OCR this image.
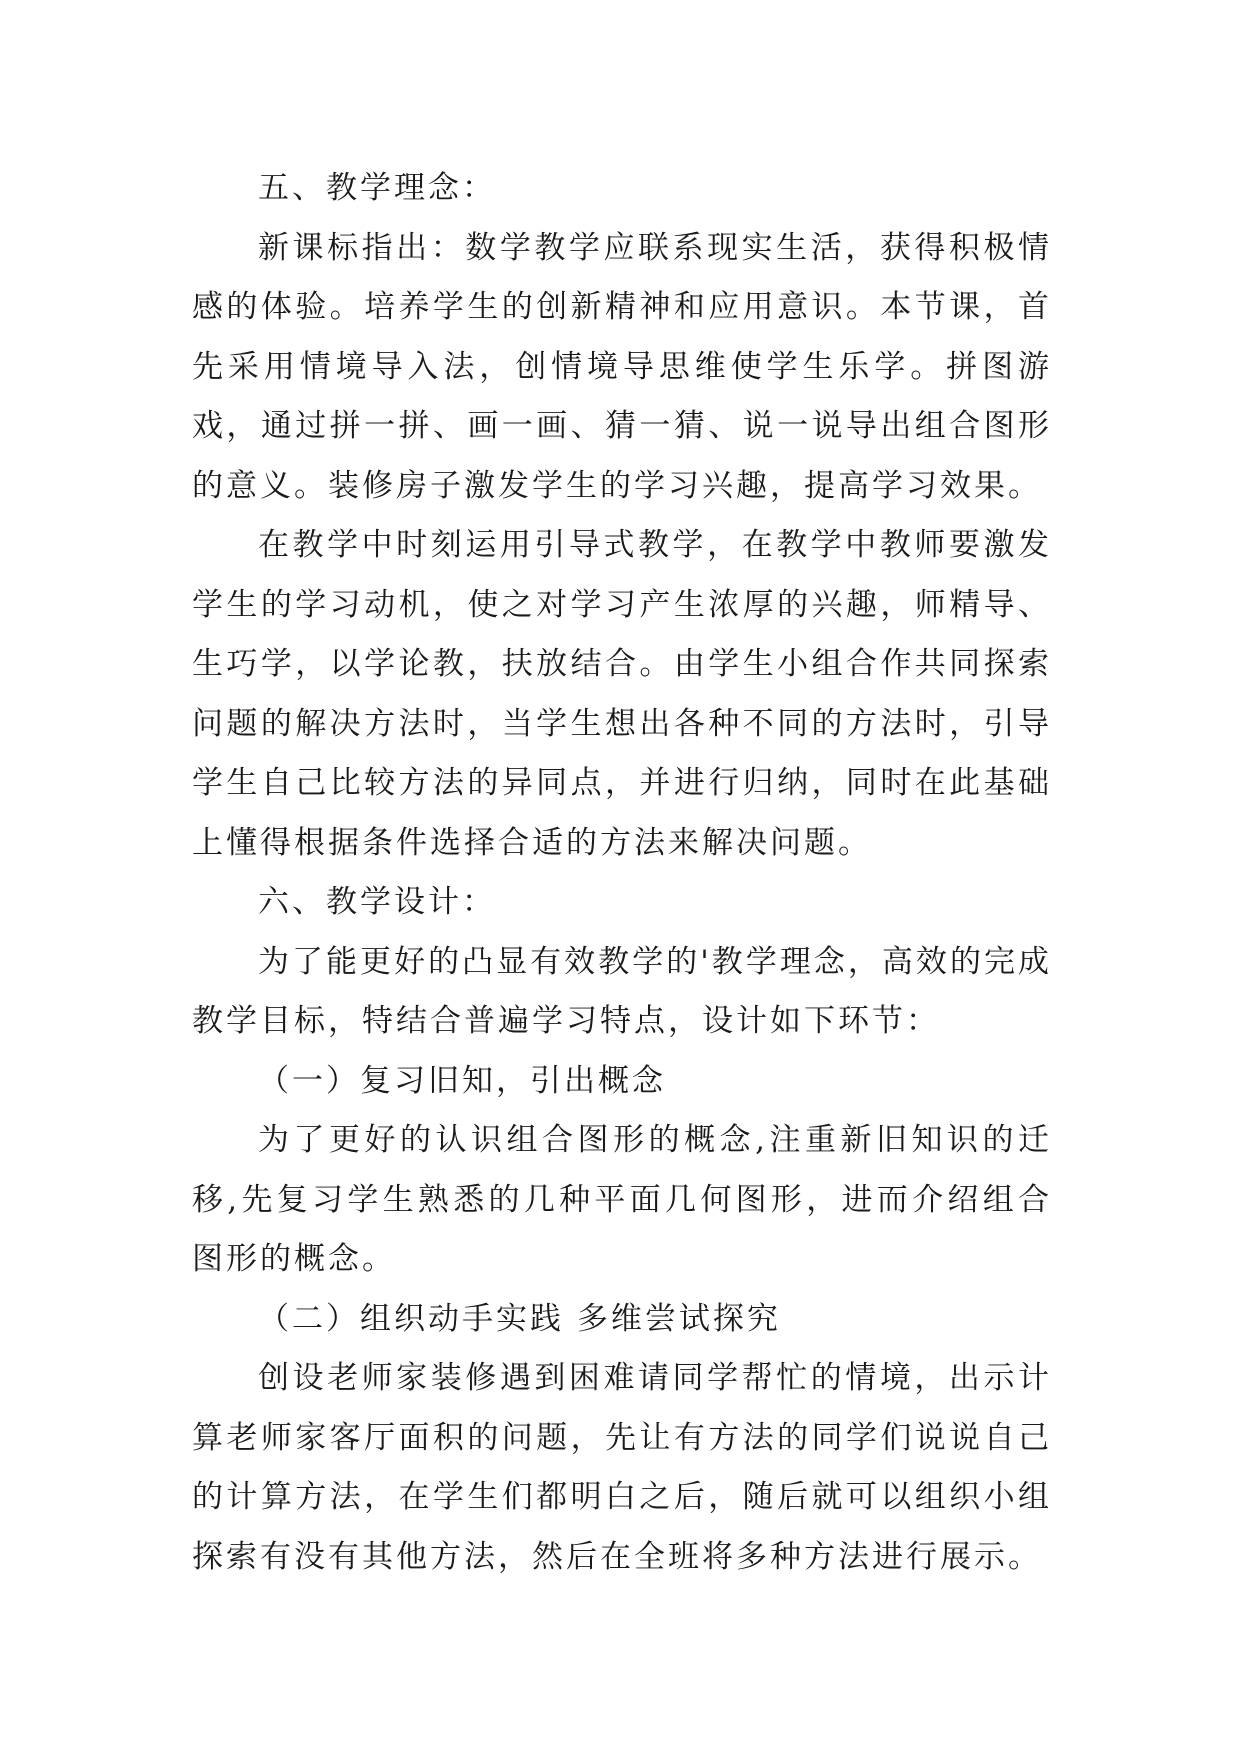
五、教学理念：

新课标指出：数学教学应联系现实生活，获得积极情感的体验。培养学生的创新精神和应用意识。本节课，首先采用情境导入法，创情境导思维使学生乐学。拼图游戏，通过拼一拼、画一画、猜一猜、说一说导出组合图形的意义。装修房子激发学生的学习兴趣，提高学习效果。

在教学中时刻运用引导式教学，在教学中教师要激发学生的学习动机，使之对学习产生浓厚的兴趣，师精导、生巧学，以学论教，扶放结合。由学生小组合作共同探索问题的解决方法时，当学生想出各种不同的方法时，引导学生自己比较方法的异同点，并进行归纳，同时在此基础上懂得根据条件选择合适的方法来解决问题。

六、教学设计：

为了能更好的凸显有效教学的'教学理念，高效的完成教学目标，特结合普遍学习特点，设计如下环节：

（一）复习旧知，引出概念

为了更好的认识组合图形的概念,注重新旧知识的迁移,先复习学生熟悉的几种平面几何图形，进而介绍组合图形的概念。

（二）组织动手实践 多维尝试探究

创设老师家装修遇到困难请同学帮忙的情境，出示计算老师家客厅面积的问题，先让有方法的同学们说说自己的计算方法，在学生们都明白之后，随后就可以组织小组探索有没有其他方法，然后在全班将多种方法进行展示。
